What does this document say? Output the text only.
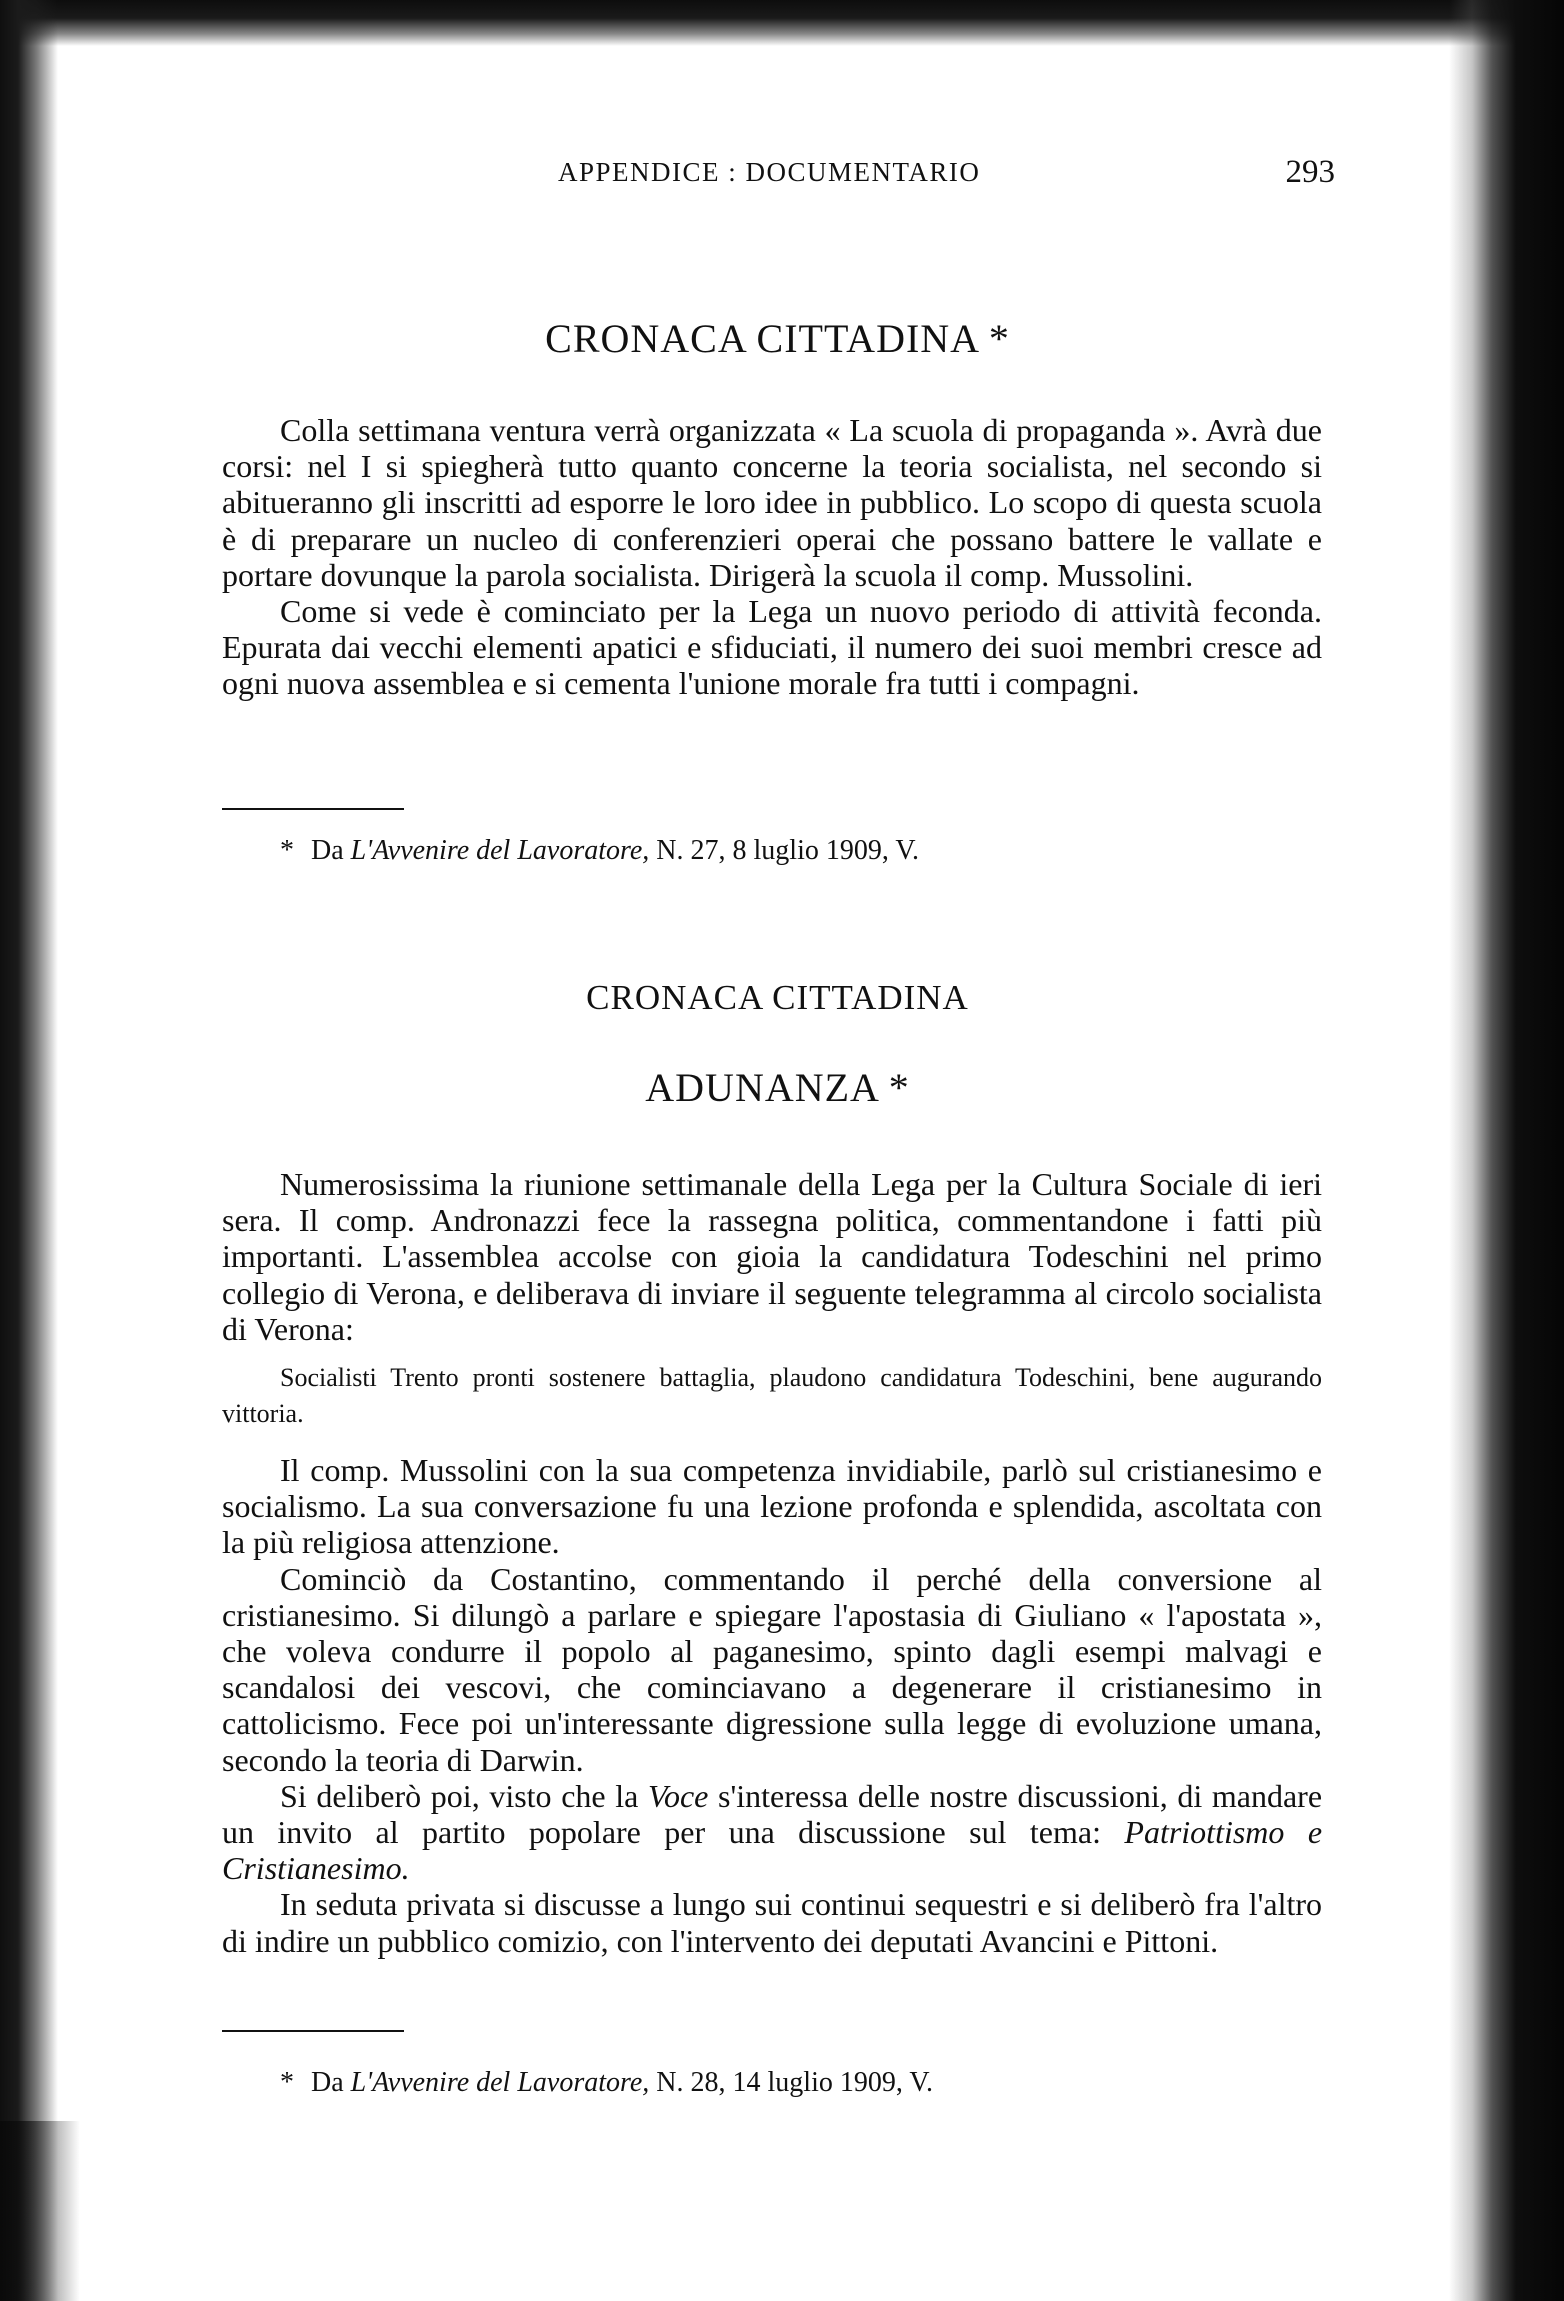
APPENDICE : DOCUMENTARIO	293
CRONACA CITTADINA *

Colla settimana ventura verrà organizzata « La scuola di propaganda ». Avrà due corsi: nel I si spiegherà tutto quanto concerne la teoria socialista, nel secondo si abitueranno gli inscritti ad esporre le loro idee in pubblico. Lo scopo di questa scuola è di preparare un nucleo di conferenzieri operai che possano battere le vallate e portare dovunque la parola socialista. Dirigerà la scuola il comp. Mussolini.

Come si vede è cominciato per la Lega un nuovo periodo di attività feconda. Epurata dai vecchi elementi apatici e sfiduciati, il numero dei suoi membri cresce ad ogni nuova assemblea e si cementa l'unione morale fra tutti i compagni.

* Da L'Avvenire del Lavoratore, N. 27, 8 luglio 1909, V.
CRONACA CITTADINA
ADUNANZA *

Numerosissima la riunione settimanale della Lega per la Cultura Sociale di ieri sera. Il comp. Andronazzi fece la rassegna politica, commentandone i fatti più importanti. L'assemblea accolse con gioia la candidatura Todeschini nel primo collegio di Verona, e deliberava di inviare il seguente telegramma al circolo socialista di Verona:

Socialisti Trento pronti sostenere battaglia, plaudono candidatura Todeschini, bene augurando vittoria.

Il comp. Mussolini con la sua competenza invidiabile, parlò sul cristianesimo e socialismo. La sua conversazione fu una lezione profonda e splendida, ascoltata con la più religiosa attenzione.

Cominciò da Costantino, commentando il perché della conversione al cristianesimo. Si dilungò a parlare e spiegare l'apostasia di Giuliano « l'apostata », che voleva condurre il popolo al paganesimo, spinto dagli esempi malvagi e scandalosi dei vescovi, che cominciavano a degenerare il cristianesimo in cattolicismo. Fece poi un'interessante digressione sulla legge di evoluzione umana, secondo la teoria di Darwin.

Si deliberò poi, visto che la Voce s'interessa delle nostre discussioni, di mandare un invito al partito popolare per una discussione sul tema: Patriottismo e Cristianesimo.

In seduta privata si discusse a lungo sui continui sequestri e si deliberò fra l'altro di indire un pubblico comizio, con l'intervento dei deputati Avancini e Pittoni.

* Da L'Avvenire del Lavoratore, N. 28, 14 luglio 1909, V.
